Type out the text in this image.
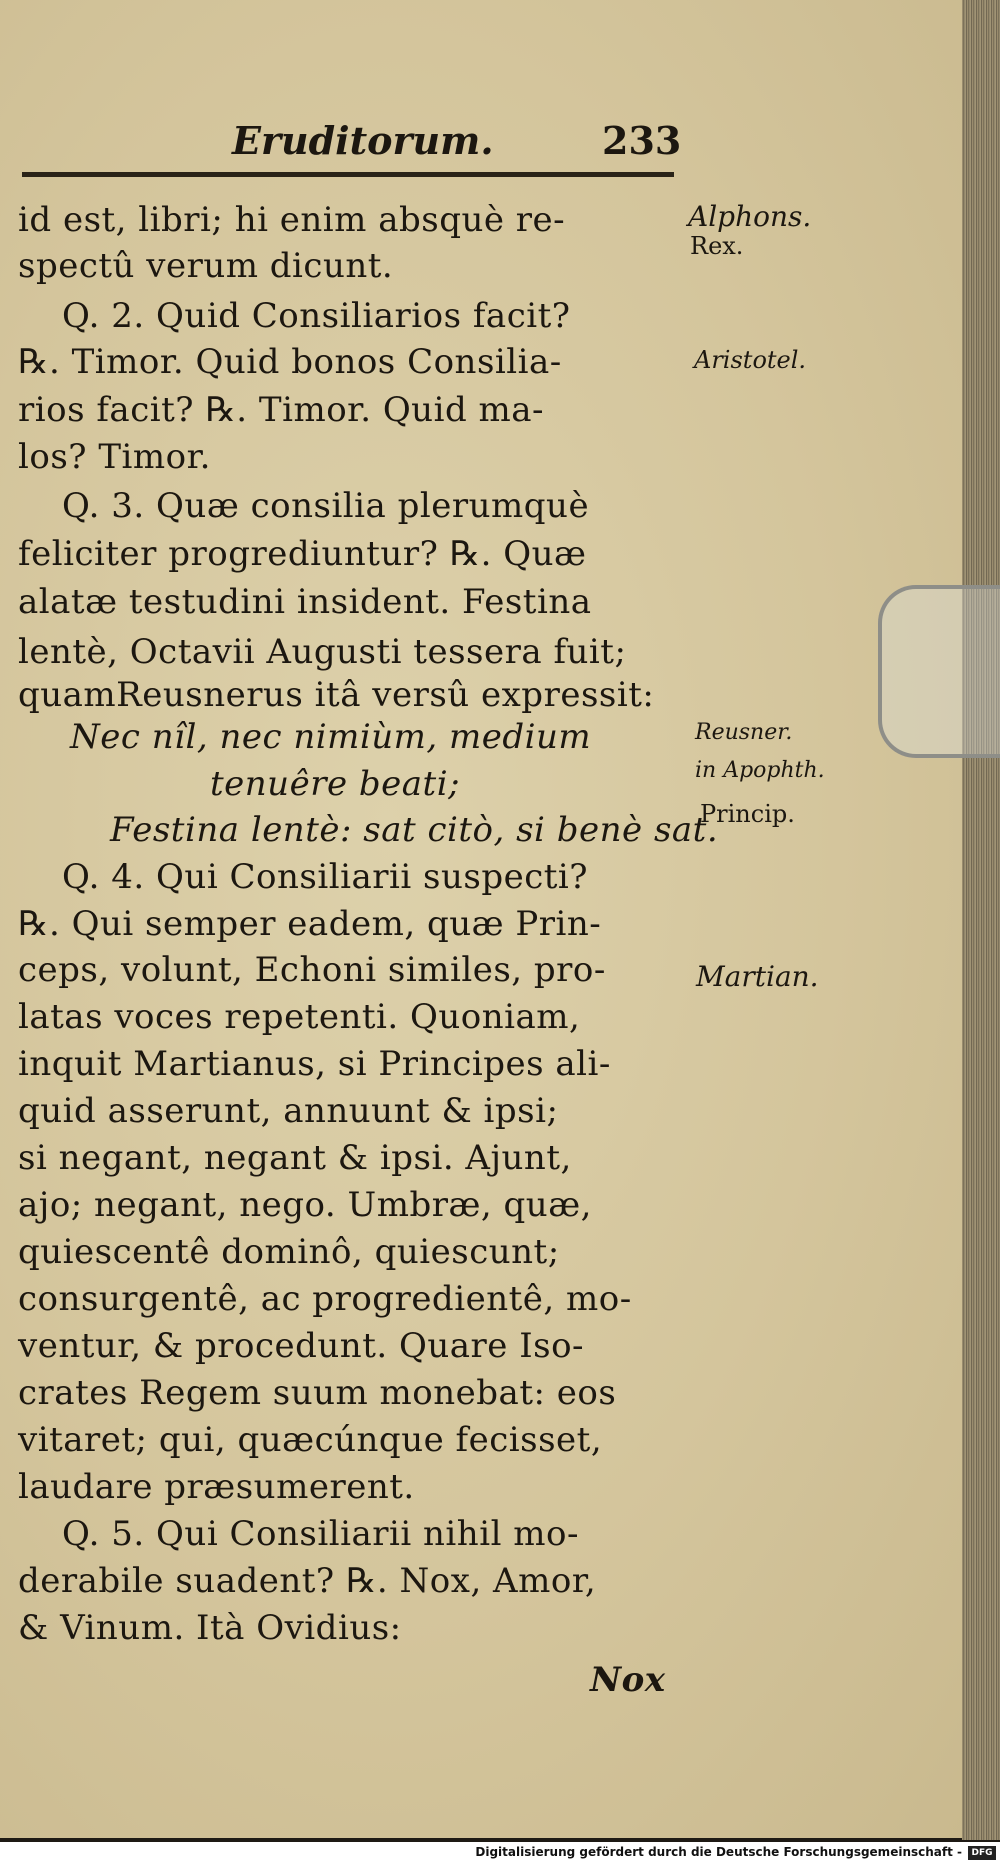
Eruditorum.	233
id est, libri; hi enim absquè re-
spectû verum dicunt.
Q. 2. Quid Consiliarios facit?
℞. Timor. Quid bonos Consilia-
rios facit? ℞. Timor. Quid ma-
los? Timor.
Q. 3. Quæ consilia plerumquè
feliciter progrediuntur? ℞. Quæ
alatæ testudini insident. Festina
lentè, Octavii Augusti tessera fuit;
quamReusnerus itâ versû expressit:
Nec nîl, nec nimiùm, medium
tenuêre beati;
Festina lentè: sat citò, si benè sat.
Q. 4. Qui Consiliarii suspecti?
℞. Qui semper eadem, quæ Prin-
ceps, volunt, Echoni similes, pro-
latas voces repetenti. Quoniam,
inquit Martianus, si Principes ali-
quid asserunt, annuunt & ipsi;
si negant, negant & ipsi. Ajunt,
ajo; negant, nego. Umbræ, quæ,
quiescentê dominô, quiescunt;
consurgentê, ac progredientê, mo-
ventur, & procedunt. Quare Iso-
crates Regem suum monebat: eos
vitaret; qui, quæcúnque fecisset,
laudare præsumerent.
Q. 5. Qui Consiliarii nihil mo-
derabile suadent? ℞. Nox, Amor,
& Vinum. Ità Ovidius:
Nox
Alphons.
Rex.
Aristotel.
Reusner.
in Apophth.
Princip.
Martian.
Digitalisierung gefördert durch die Deutsche Forschungsgemeinschaft -	DFG
